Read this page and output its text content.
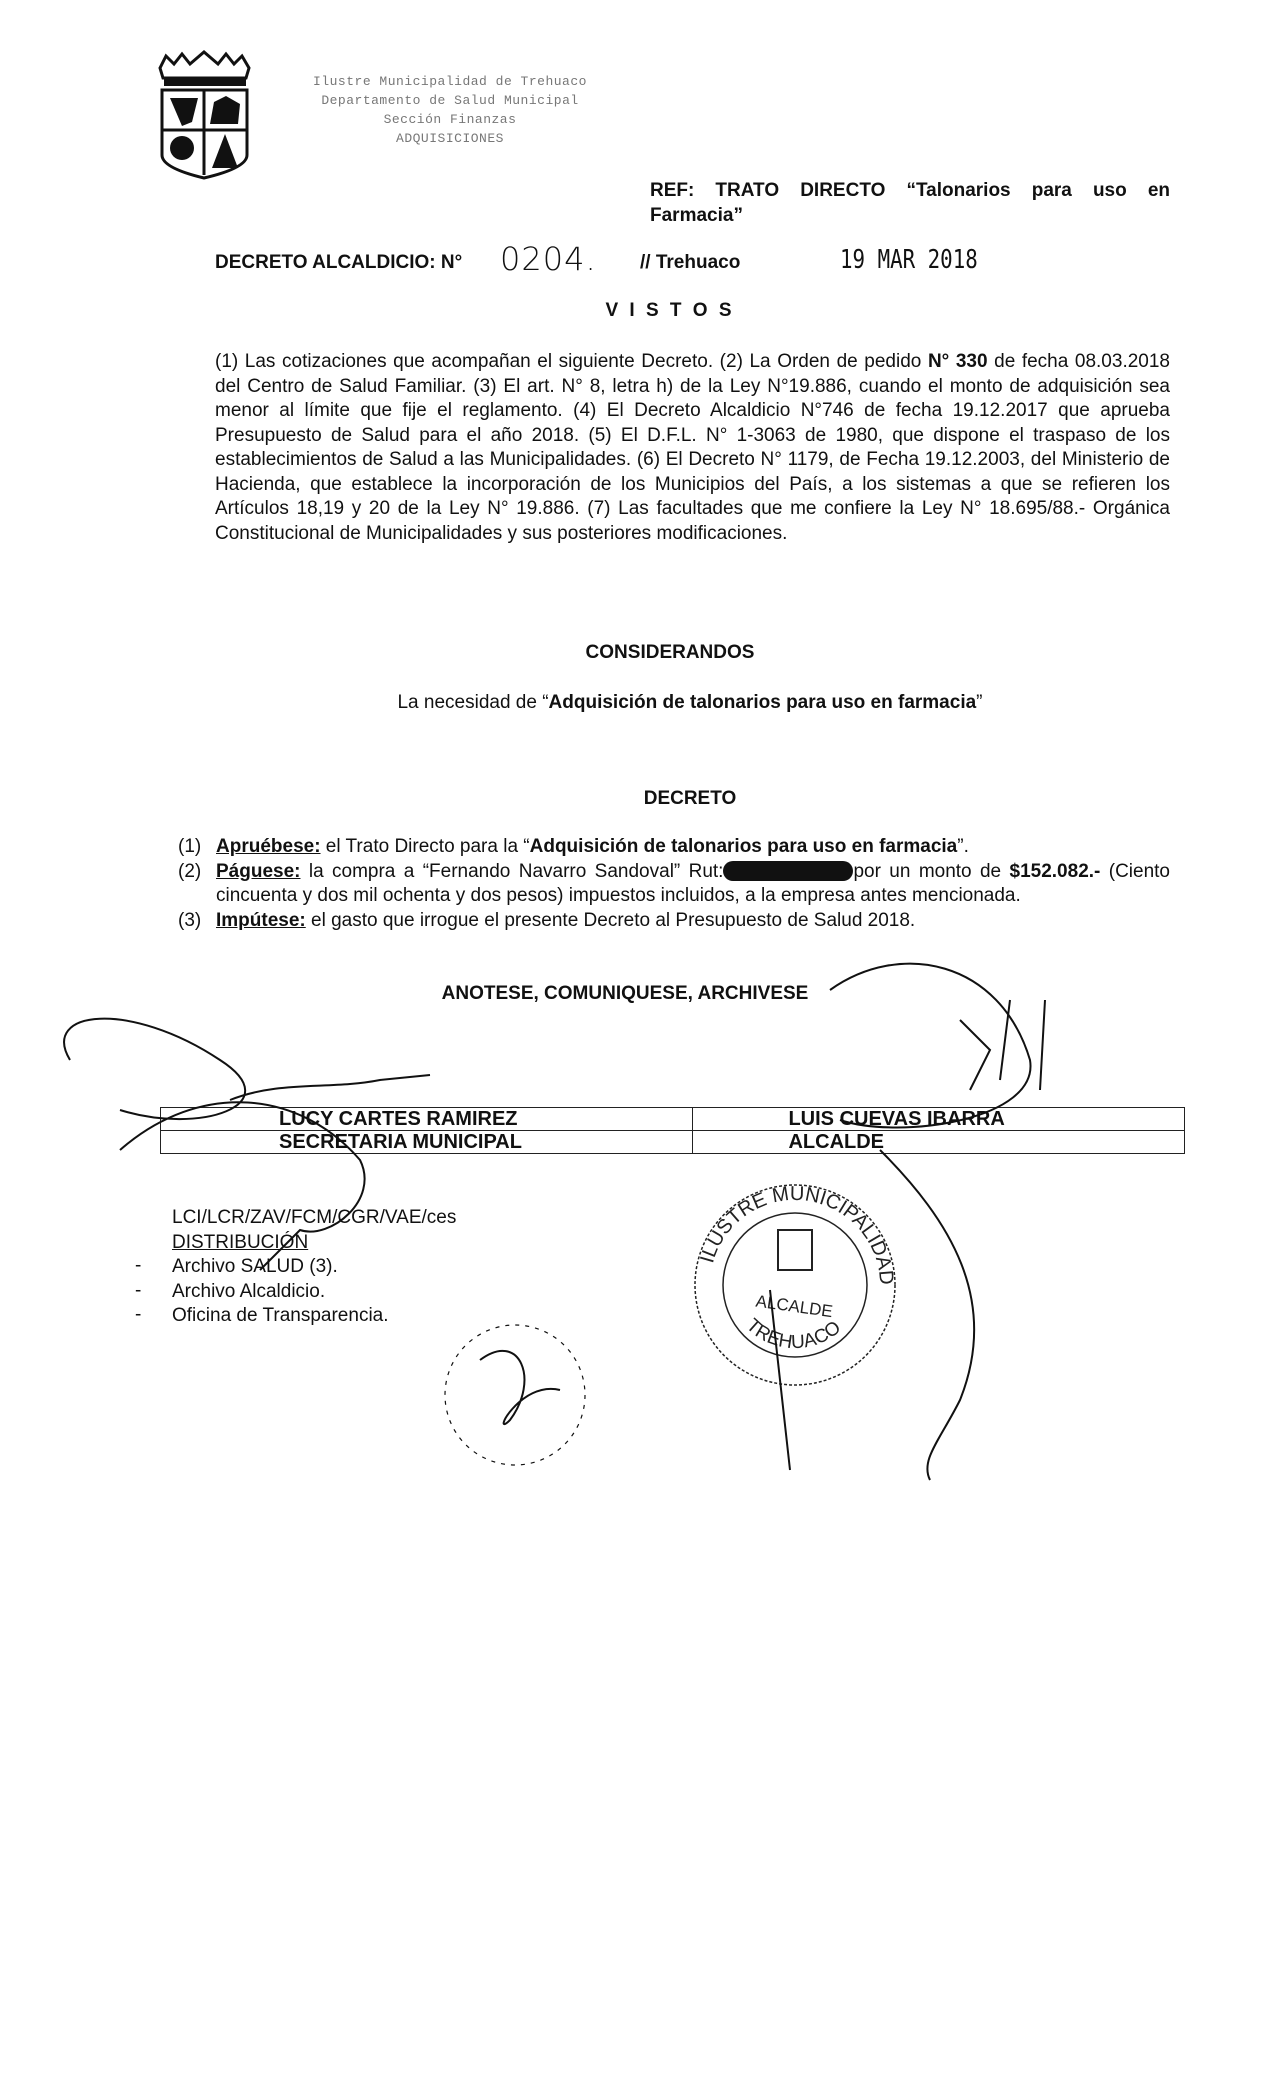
Ilustre Municipalidad de Trehuaco
Departamento de Salud Municipal
Sección Finanzas
ADQUISICIONES
REF: TRATO DIRECTO “Talonarios para uso en Farmacia”
DECRETO ALCALDICIO: N° 0204. // Trehuaco	19 MAR 2018
V I S T O S
(1) Las cotizaciones que acompañan el siguiente Decreto. (2) La Orden de pedido N° 330 de fecha 08.03.2018 del Centro de Salud Familiar. (3) El art. N° 8, letra h) de la Ley N°19.886, cuando el monto de adquisición sea menor al límite que fije el reglamento. (4) El Decreto Alcaldicio N°746 de fecha 19.12.2017 que aprueba Presupuesto de Salud para el año 2018. (5) El D.F.L. N° 1-3063 de 1980, que dispone el traspaso de los establecimientos de Salud a las Municipalidades. (6) El Decreto N° 1179, de Fecha 19.12.2003, del Ministerio de Hacienda, que establece la incorporación de los Municipios del País, a los sistemas a que se refieren los Artículos 18,19 y 20 de la Ley N° 19.886. (7) Las facultades que me confiere la Ley N° 18.695/88.- Orgánica Constitucional de Municipalidades y sus posteriores modificaciones.
CONSIDERANDOS
La necesidad de “Adquisición de talonarios para uso en farmacia”
DECRETO
(1) Apruébese: el Trato Directo para la “Adquisición de talonarios para uso en farmacia”.
(2) Páguese: la compra a “Fernando Navarro Sandoval” Rut:	por un monto de $152.082.- (Ciento cincuenta y dos mil ochenta y dos pesos) impuestos incluidos, a la empresa antes mencionada.
(3) Impútese: el gasto que irrogue el presente Decreto al Presupuesto de Salud 2018.
ANOTESE, COMUNIQUESE, ARCHIVESE
LUCY CARTES RAMIREZ	LUIS CUEVAS IBARRA
SECRETARIA MUNICIPAL	ALCALDE
LCI/LCR/ZAV/FCM/CGR/VAE/ces
DISTRIBUCIÓN
Archivo SALUD (3).
Archivo Alcaldicio.
Oficina de Transparencia.
-
-
-
ILUSTRE MUNICIPALIDAD
ALCALDE
TREHUACO
